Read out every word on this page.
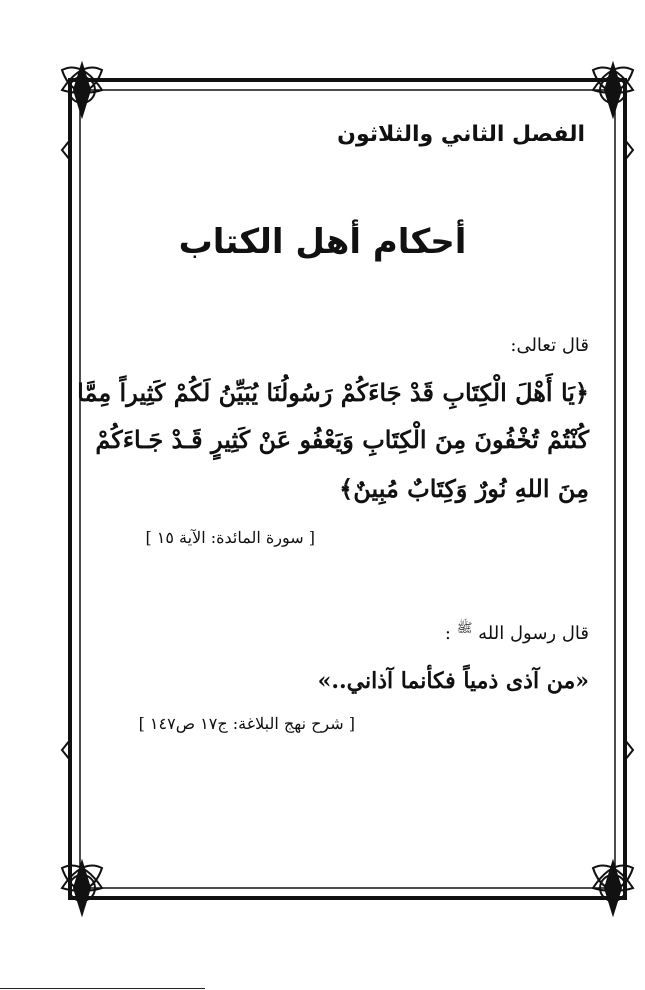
الفصل الثاني والثلاثون
أحكام أهل الكتاب
قال تعالى:
﴿يَا أَهْلَ الْكِتَابِ قَدْ جَاءَكُمْ رَسُولُنَا يُبَيِّنُ لَكُمْ كَثِيراً مِمَّا
كُنْتُمْ تُخْفُونَ مِنَ الْكِتَابِ وَيَعْفُو عَنْ كَثِيرٍ قَـدْ جَـاءَكُمْ
مِنَ اللهِ نُورٌ وَكِتَابٌ مُبِينٌ﴾
[ سورة المائدة: الآية ١٥ ]
قال رسول الله $^ﷺ$ :
«من آذى ذمياً فكأنما آذاني..»
[ شرح نهج البلاغة: ج١٧ ص١٤٧ ]
